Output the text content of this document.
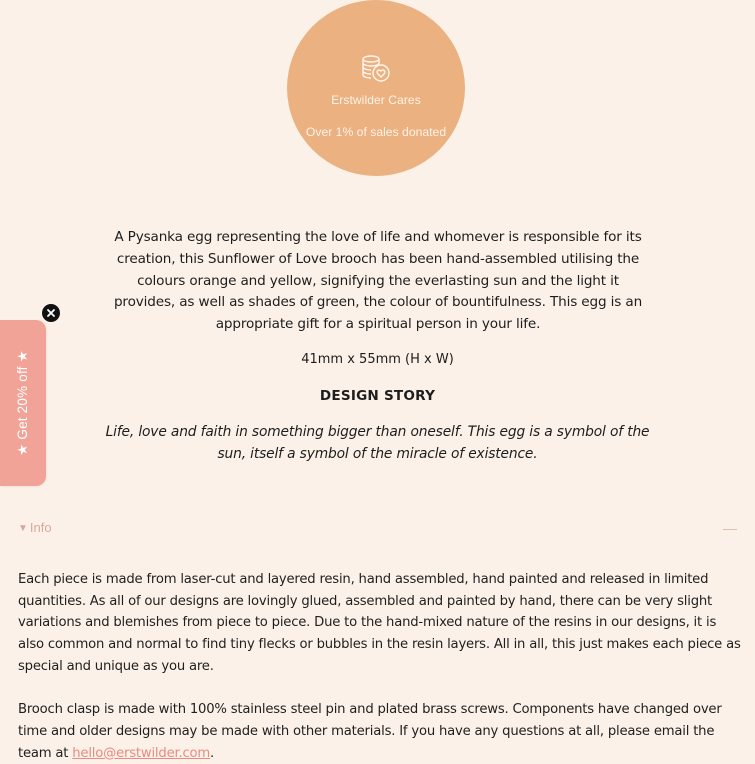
Erstwilder Cares
Over 1% of sales donated
A Pysanka egg representing the love of life and whomever is responsible for its creation, this Sunflower of Love brooch has been hand-assembled utilising the colours orange and yellow, signifying the everlasting sun and the light it provides, as well as shades of green, the colour of bountifulness. This egg is an appropriate gift for a spiritual person in your life.
41mm x 55mm (H x W)
DESIGN STORY
Life, love and faith in something bigger than oneself. This egg is a symbol of the sun, itself a symbol of the miracle of existence.
▼ Info

Each piece is made from laser-cut and layered resin, hand assembled, hand painted and released in limited quantities. As all of our designs are lovingly glued, assembled and painted by hand, there can be very slight variations and blemishes from piece to piece. Due to the hand-mixed nature of the resins in our designs, it is also common and normal to find tiny flecks or bubbles in the resin layers. All in all, this just makes each piece as special and unique as you are.

Brooch clasp is made with 100% stainless steel pin and plated brass screws. Components have changed over time and older designs may be made with other materials. If you have any questions at all, please email the team at hello@erstwilder.com.

★ Get 20% off ★
